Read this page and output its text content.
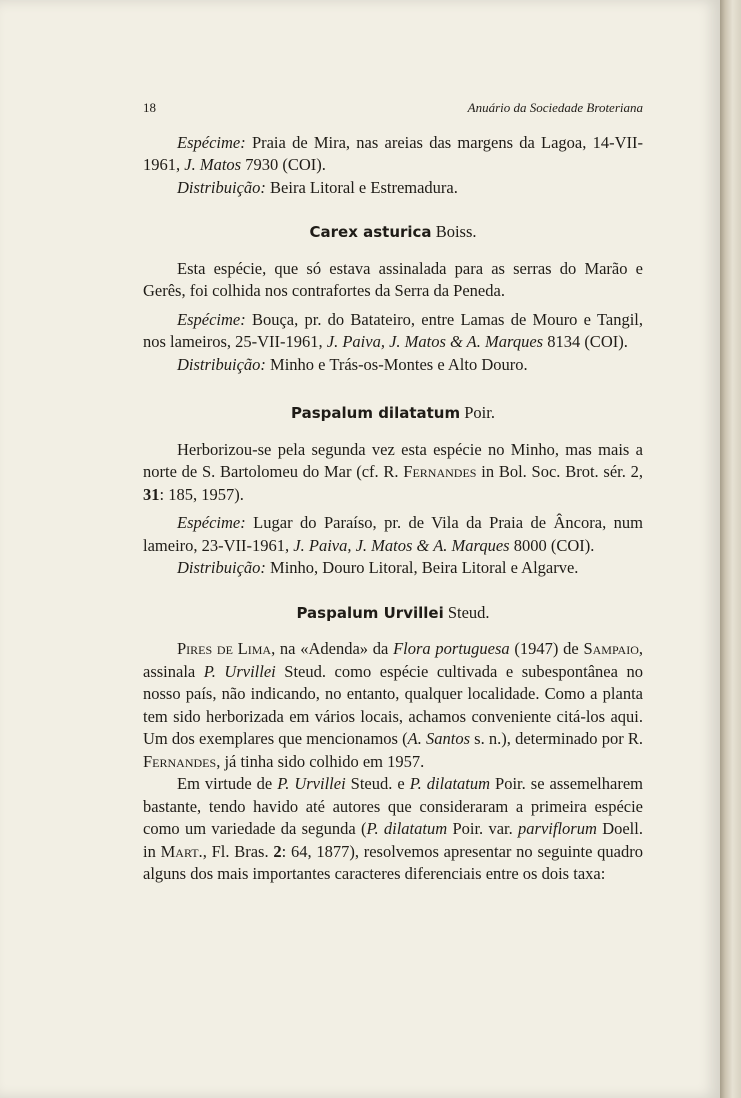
18	Anuário da Sociedade Broteriana

Espécime: Praia de Mira, nas areias das margens da Lagoa, 14-VII-1961, J. Matos 7930 (COI).

Distribuição: Beira Litoral e Estremadura.

Carex asturica Boiss.

Esta espécie, que só estava assinalada para as serras do Marão e Gerês, foi colhida nos contrafortes da Serra da Peneda.

Espécime: Bouça, pr. do Batateiro, entre Lamas de Mouro e Tangil, nos lameiros, 25-VII-1961, J. Paiva, J. Matos & A. Marques 8134 (COI).

Distribuição: Minho e Trás-os-Montes e Alto Douro.

Paspalum dilatatum Poir.

Herborizou-se pela segunda vez esta espécie no Minho, mas mais a norte de S. Bartolomeu do Mar (cf. R. Fernandes in Bol. Soc. Brot. sér. 2, 31: 185, 1957).

Espécime: Lugar do Paraíso, pr. de Vila da Praia de Âncora, num lameiro, 23-VII-1961, J. Paiva, J. Matos & A. Marques 8000 (COI).

Distribuição: Minho, Douro Litoral, Beira Litoral e Algarve.

Paspalum Urvillei Steud.

Pires de Lima, na «Adenda» da Flora portuguesa (1947) de Sampaio, assinala P. Urvillei Steud. como espécie cultivada e subespontânea no nosso país, não indicando, no entanto, qualquer localidade. Como a planta tem sido herborizada em vários locais, achamos conveniente citá-los aqui. Um dos exemplares que mencionamos (A. Santos s. n.), determinado por R. Fernandes, já tinha sido colhido em 1957.

Em virtude de P. Urvillei Steud. e P. dilatatum Poir. se assemelharem bastante, tendo havido até autores que consideraram a primeira espécie como um variedade da segunda (P. dilatatum Poir. var. parviflorum Doell. in Mart., Fl. Bras. 2: 64, 1877), resolvemos apresentar no seguinte quadro alguns dos mais importantes caracteres diferenciais entre os dois taxa:
